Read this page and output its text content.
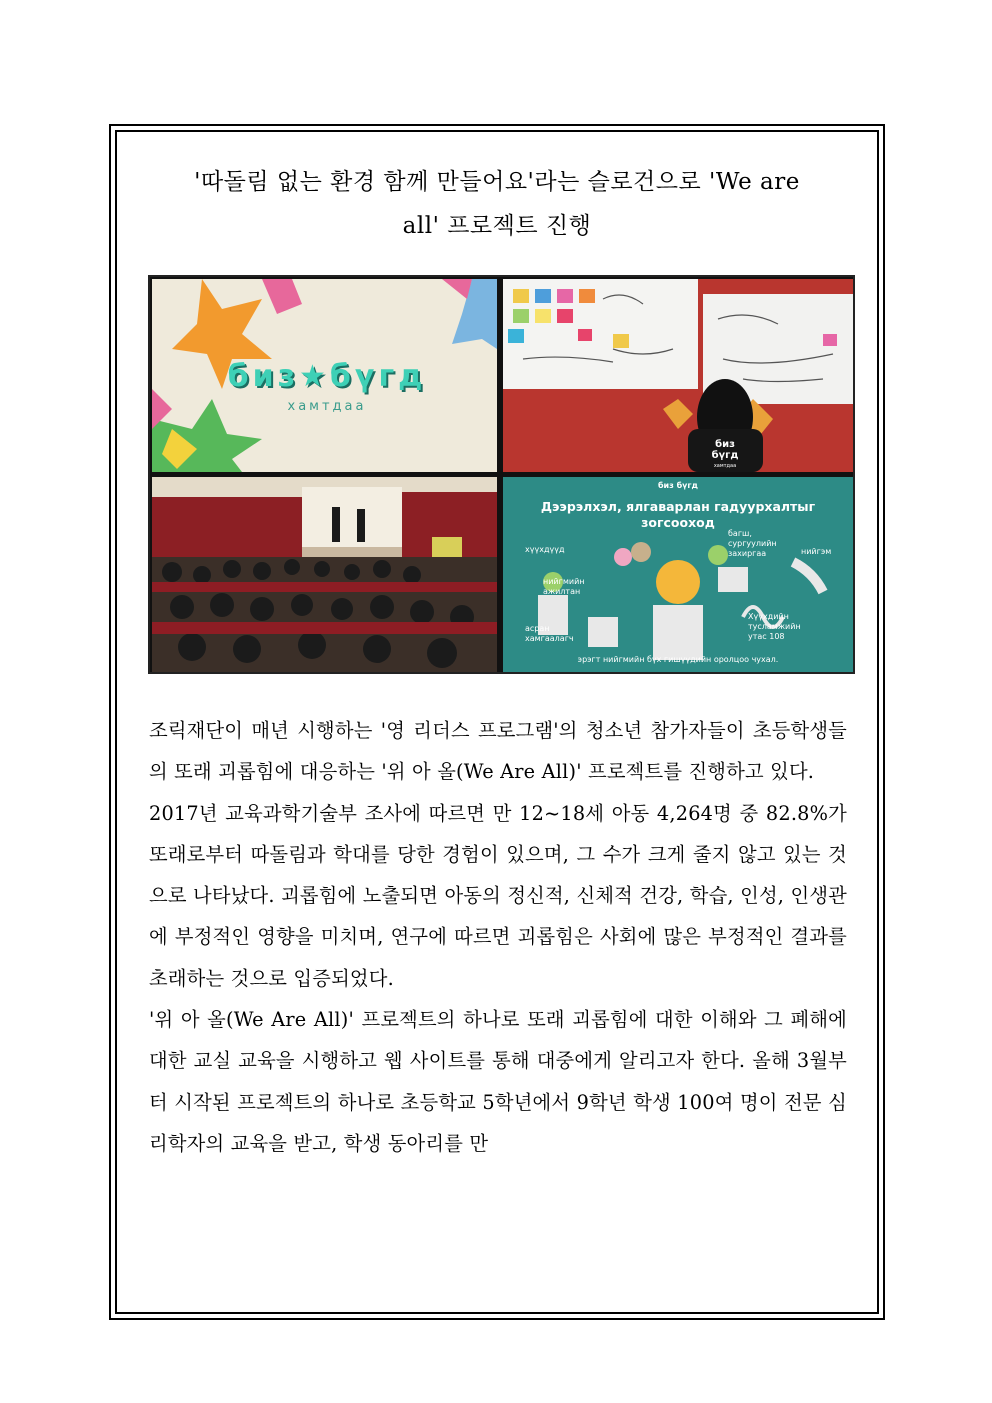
'따돌림 없는 환경 함께 만들어요'라는 슬로건으로 'We are
all' 프로젝트 진행
биз★бүгд
хамтдаа
биз
бүгд
хамтдаа
биз бүгд
Дээрэлхэл, ялгаварлан гадуурхалтыг зогсооход
хүүхдүүд
багш, сургуулийн захиргаа	нийгэм
нийгмийн ажилтан
асран хамгаалагч
Хүүхдийн тусламжийн утас 108
эрэгт нийгмийн бүх гишүүдийн оролцоо чухал.

조릭재단이 매년 시행하는 '영 리더스 프로그램'의 청소년 참가자들이 초등학생들의 또래 괴롭힘에 대응하는 '위 아 올(We Are All)' 프로젝트를 진행하고 있다.

2017년 교육과학기술부 조사에 따르면 만 12~18세 아동 4,264명 중 82.8%가 또래로부터 따돌림과 학대를 당한 경험이 있으며, 그 수가 크게 줄지 않고 있는 것으로 나타났다. 괴롭힘에 노출되면 아동의 정신적, 신체적 건강, 학습, 인성, 인생관에 부정적인 영향을 미치며, 연구에 따르면 괴롭힘은 사회에 많은 부정적인 결과를 초래하는 것으로 입증되었다.

'위 아 올(We Are All)' 프로젝트의 하나로 또래 괴롭힘에 대한 이해와 그 폐해에 대한 교실 교육을 시행하고 웹 사이트를 통해 대중에게 알리고자 한다. 올해 3월부터 시작된 프로젝트의 하나로 초등학교 5학년에서 9학년 학생 100여 명이 전문 심리학자의 교육을 받고, 학생 동아리를 만
